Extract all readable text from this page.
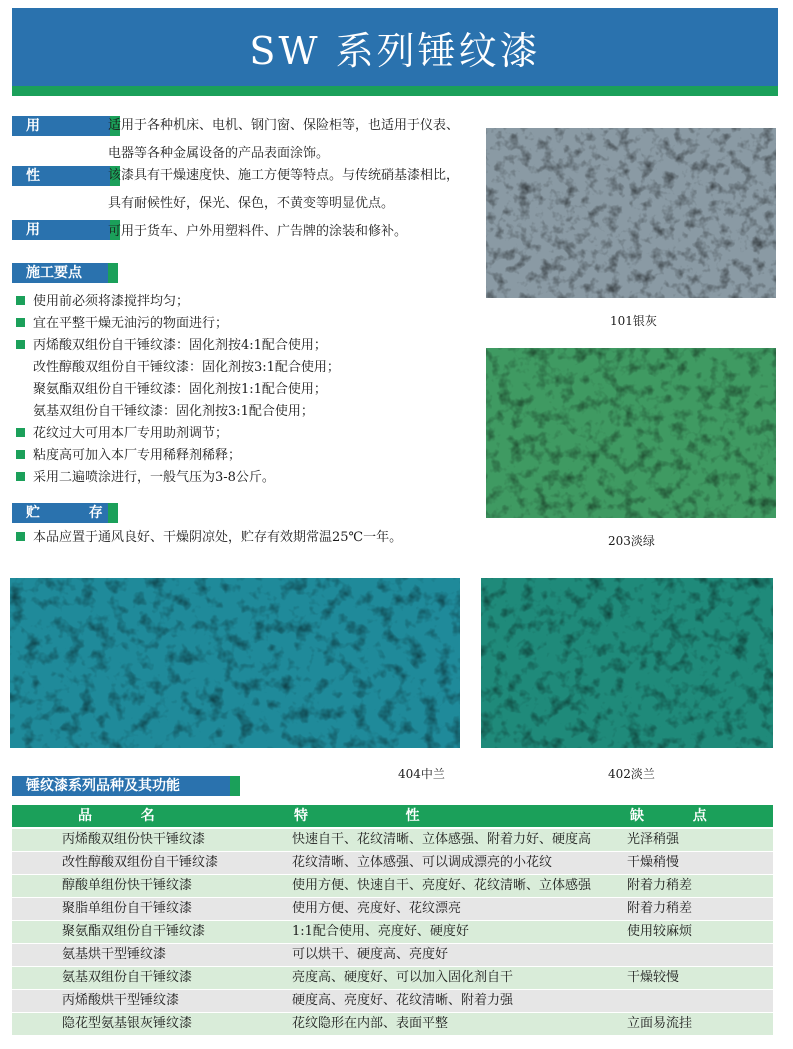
SW 系列锤纹漆
用	适用于各种机床、电机、钢门窗、保险柜等，也适用于仪表、电器等各种金属设备的产品表面涂饰。
性	该漆具有干燥速度快、施工方便等特点。与传统硝基漆相比，具有耐候性好，保光、保色，不黄变等明显优点。
用	可用于货车、户外用塑料件、广告牌的涂装和修补。
施工要点
使用前必须将漆搅拌均匀；
宜在平整干燥无油污的物面进行；
丙烯酸双组份自干锤纹漆：固化剂按4:1配合使用；
改性醇酸双组份自干锤纹漆：固化剂按3:1配合使用；
聚氨酯双组份自干锤纹漆：固化剂按1:1配合使用；
氨基双组份自干锤纹漆：固化剂按3:1配合使用；
花纹过大可用本厂专用助剂调节；
粘度高可加入本厂专用稀释剂稀释；
采用二遍喷涂进行，一般气压为3-8公斤。
贮          存
本品应置于通风良好、干燥阴凉处，贮存有效期常温25℃一年。
101银灰
203淡绿
404中兰	402淡兰
锤纹漆系列品种及其功能
品          名	特                    性	缺          点
丙烯酸双组份快干锤纹漆	快速自干、花纹清晰、立体感强、附着力好、硬度高	光泽稍强
改性醇酸双组份自干锤纹漆	花纹清晰、立体感强、可以调成漂亮的小花纹	干燥稍慢
醇酸单组份快干锤纹漆	使用方便、快速自干、亮度好、花纹清晰、立体感强	附着力稍差
聚脂单组份自干锤纹漆	使用方便、亮度好、花纹漂亮	附着力稍差
聚氨酯双组份自干锤纹漆	1:1配合使用、亮度好、硬度好	使用较麻烦
氨基烘干型锤纹漆	可以烘干、硬度高、亮度好
氨基双组份自干锤纹漆	亮度高、硬度好、可以加入固化剂自干	干燥较慢
丙烯酸烘干型锤纹漆	硬度高、亮度好、花纹清晰、附着力强
隐花型氨基银灰锤纹漆	花纹隐形在内部、表面平整	立面易流挂
